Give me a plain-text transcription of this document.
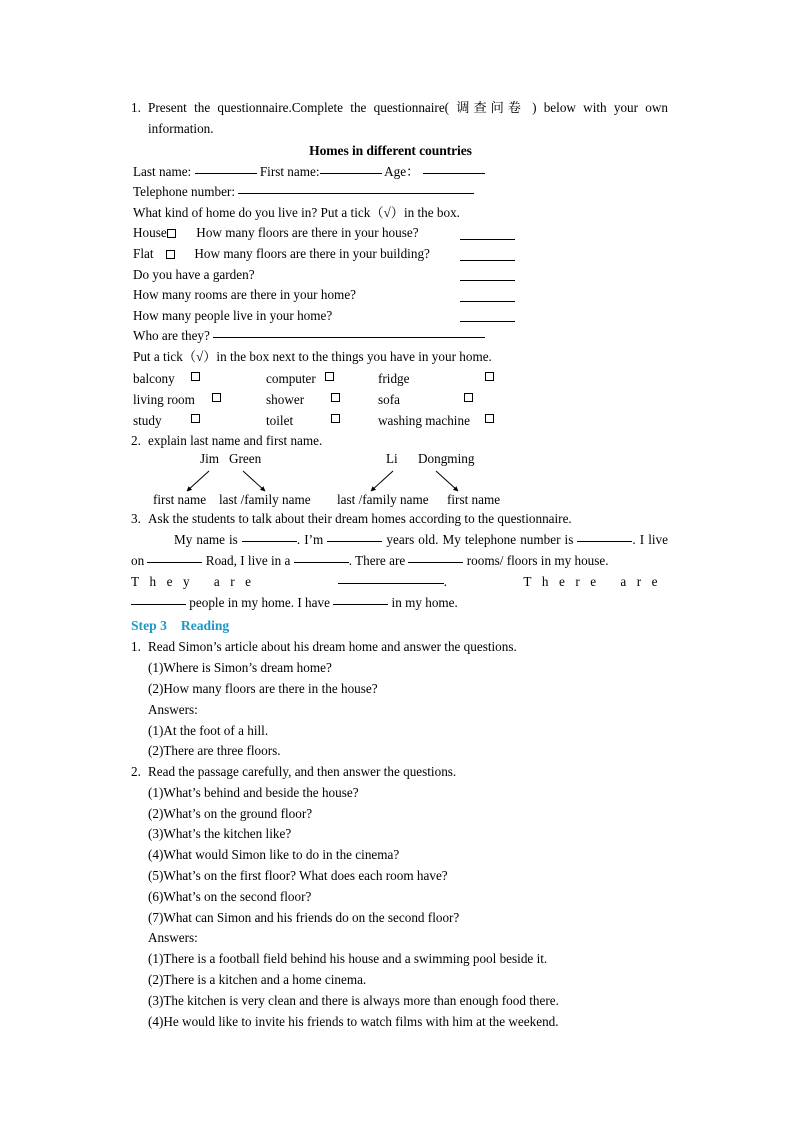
1. Present the questionnaire.Complete the questionnaire( 调查问卷 ) below with your own information.
Homes in different countries
Last name:	First name:	Age：
Telephone number:
What kind of home do you live in? Put a tick（√）in the box.
House How many floors are there in your house?
Flat	How many floors are there in your building?
Do you have a garden?
How many rooms are there in your home?
How many people live in your home?
Who are they?
Put a tick（√）in the box next to the things you have in your home.
balcony	computer	fridge
living room	shower	sofa
study	toilet	washing machine
2. explain last name and first name.
Jim Green	Li Dongming
first name last /family name last /family name first name
3. Ask the students to talk about their dream homes according to the questionnaire.
My name is	. I’m	years old. My telephone number is	. I live on	Road, I live in a	. There are	rooms/ floors in my house.
They are	.	There are
people in my home. I have	in my home.
Step 3 Reading
1. Read Simon’s article about his dream home and answer the questions.
(1)Where is Simon’s dream home?
(2)How many floors are there in the house?
Answers:
(1)At the foot of a hill.
(2)There are three floors.
2. Read the passage carefully, and then answer the questions.
(1)What’s behind and beside the house?
(2)What’s on the ground floor?
(3)What’s the kitchen like?
(4)What would Simon like to do in the cinema?
(5)What’s on the first floor? What does each room have?
(6)What’s on the second floor?
(7)What can Simon and his friends do on the second floor?
Answers:
(1)There is a football field behind his house and a swimming pool beside it.
(2)There is a kitchen and a home cinema.
(3)The kitchen is very clean and there is always more than enough food there.
(4)He would like to invite his friends to watch films with him at the weekend.
